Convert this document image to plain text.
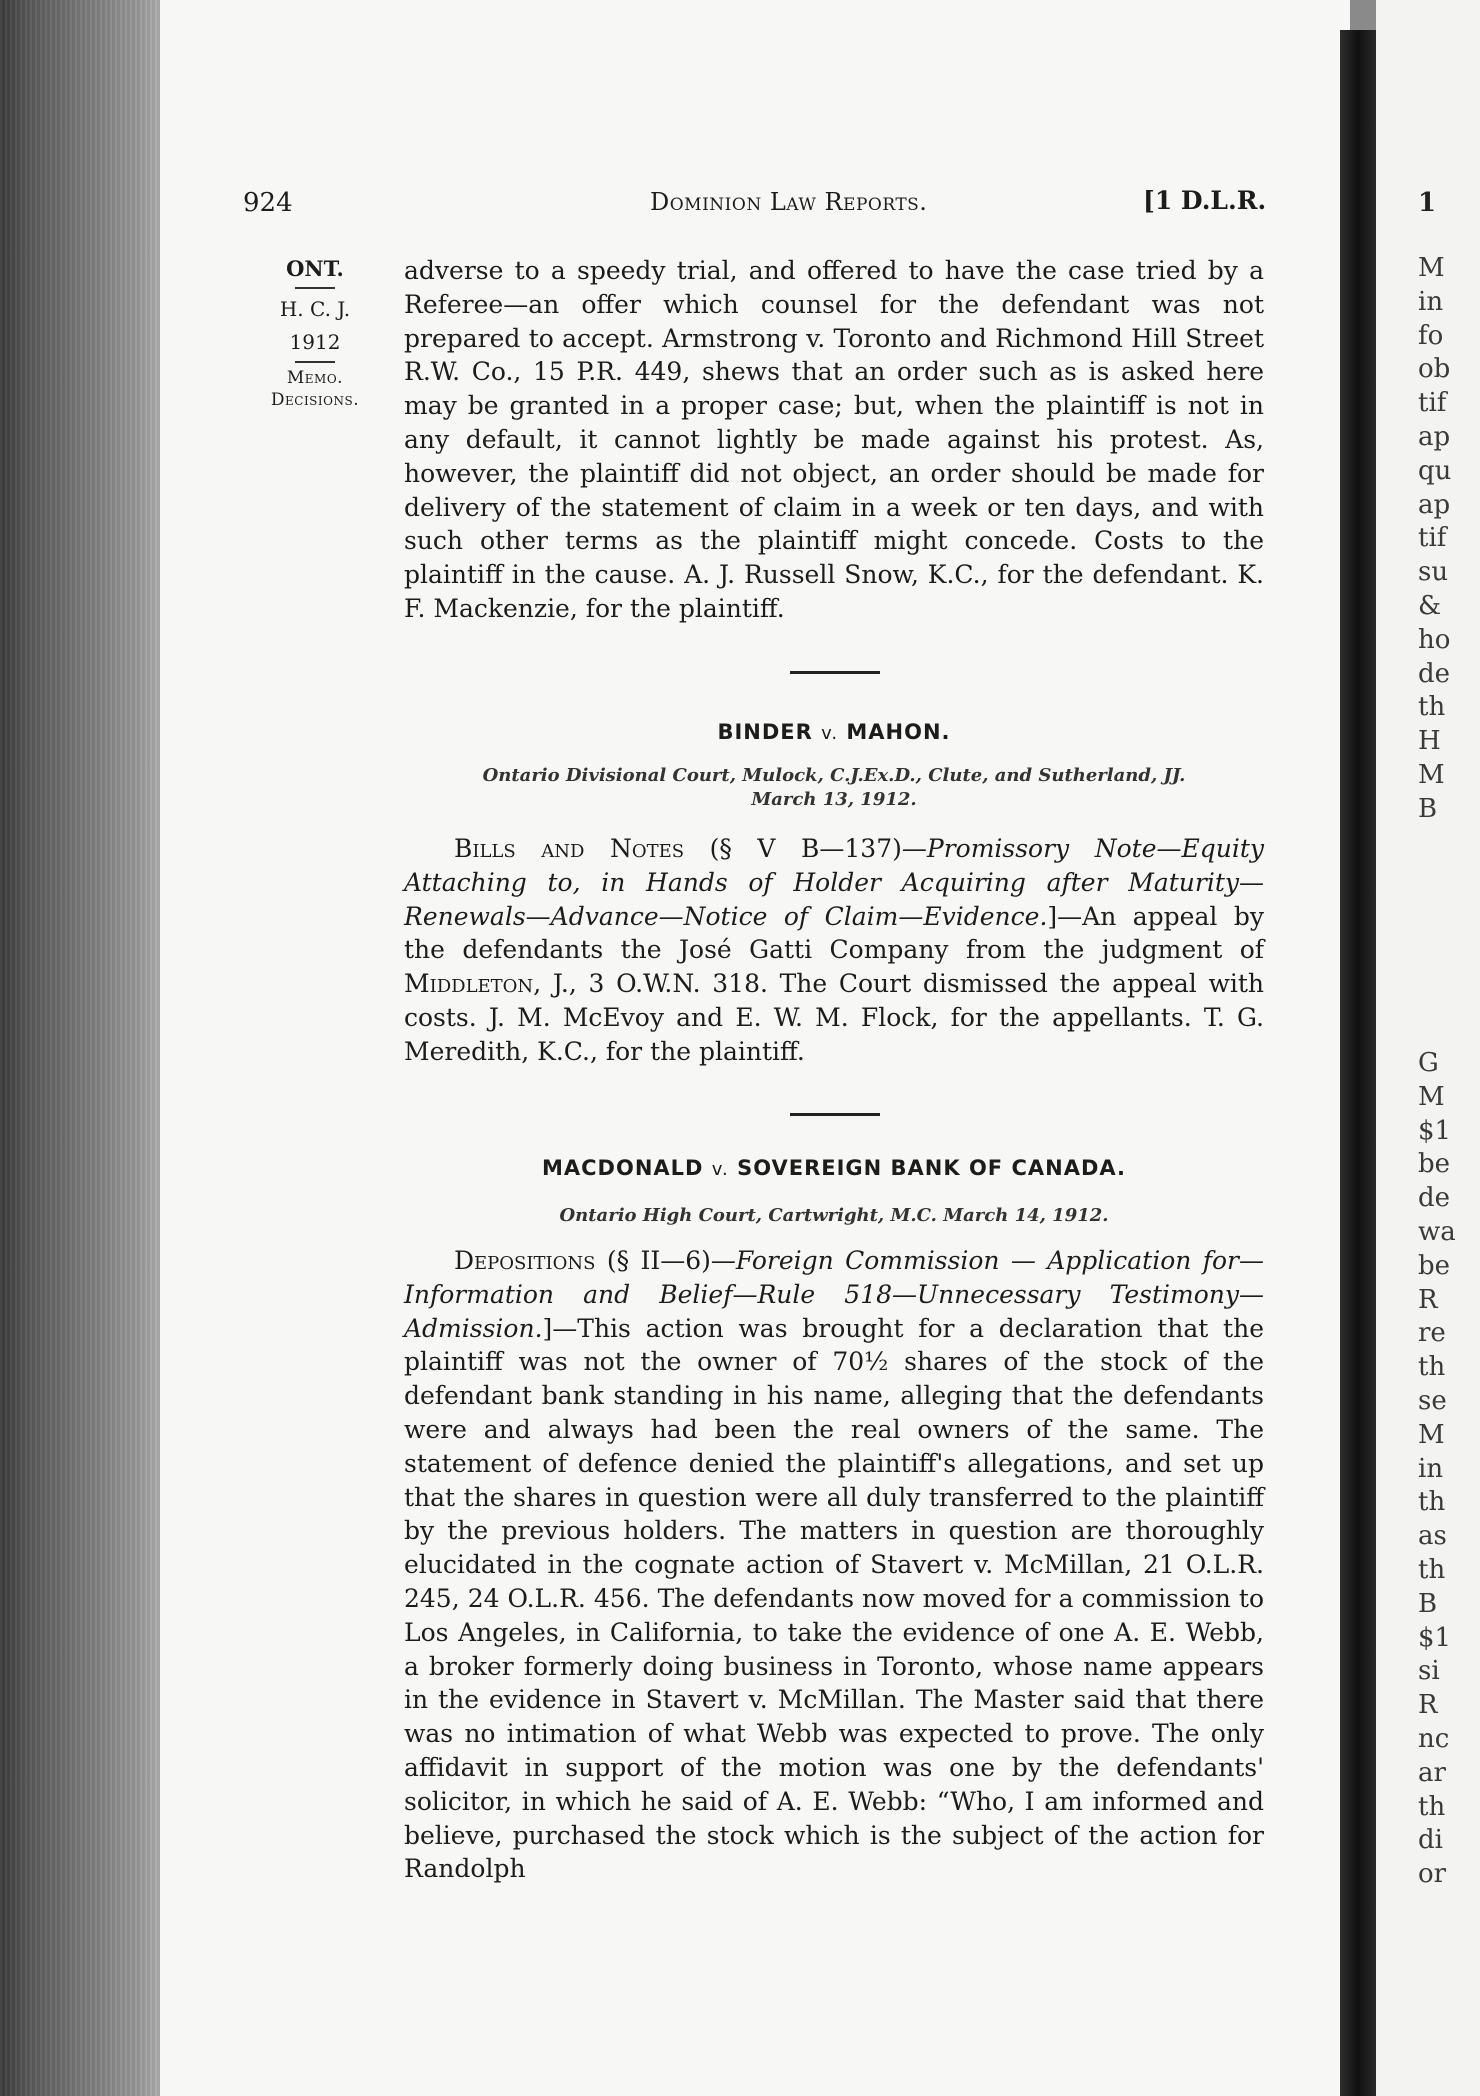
M
in
fo
ob
tif
ap
qu
ap
tif
su
&
ho
de
th
H
M
B
G
M
$1
be
de
wa
be
R
re
th
se
M
in
th
as
th
B
$1
si
R
nc
ar
th
di
or
924	Dominion Law Reports.	[1 D.L.R.	1
ONT.
H. C. J.
1912
Memo.
Decisions.
adverse to a speedy trial, and offered to have the case tried by a Referee—an offer which counsel for the defendant was not prepared to accept. Armstrong v. Toronto and Richmond Hill Street R.W. Co., 15 P.R. 449, shews that an order such as is asked here may be granted in a proper case; but, when the plaintiff is not in any default, it cannot lightly be made against his protest. As, however, the plaintiff did not object, an order should be made for delivery of the statement of claim in a week or ten days, and with such other terms as the plaintiff might concede. Costs to the plaintiff in the cause. A. J. Russell Snow, K.C., for the defendant. K. F. Mackenzie, for the plaintiff.
BINDER v. MAHON.
Ontario Divisional Court, Mulock, C.J.Ex.D., Clute, and Sutherland, JJ.
March 13, 1912.
Bills and Notes (§ V B—137)—Promissory Note—Equity Attaching to, in Hands of Holder Acquiring after Maturity—Renewals—Advance—Notice of Claim—Evidence.]—An appeal by the defendants the José Gatti Company from the judgment of Middleton, J., 3 O.W.N. 318. The Court dismissed the appeal with costs. J. M. McEvoy and E. W. M. Flock, for the appellants. T. G. Meredith, K.C., for the plaintiff.
MACDONALD v. SOVEREIGN BANK OF CANADA.
Ontario High Court, Cartwright, M.C. March 14, 1912.
Depositions (§ II—6)—Foreign Commission — Application for—Information and Belief—Rule 518—Unnecessary Testimony—Admission.]—This action was brought for a declaration that the plaintiff was not the owner of 70½ shares of the stock of the defendant bank standing in his name, alleging that the defendants were and always had been the real owners of the same. The statement of defence denied the plaintiff's allegations, and set up that the shares in question were all duly transferred to the plaintiff by the previous holders. The matters in question are thoroughly elucidated in the cognate action of Stavert v. McMillan, 21 O.L.R. 245, 24 O.L.R. 456. The defendants now moved for a commission to Los Angeles, in California, to take the evidence of one A. E. Webb, a broker formerly doing business in Toronto, whose name appears in the evidence in Stavert v. McMillan. The Master said that there was no intimation of what Webb was expected to prove. The only affidavit in support of the motion was one by the defendants' solicitor, in which he said of A. E. Webb: “Who, I am informed and believe, purchased the stock which is the subject of the action for Randolph
